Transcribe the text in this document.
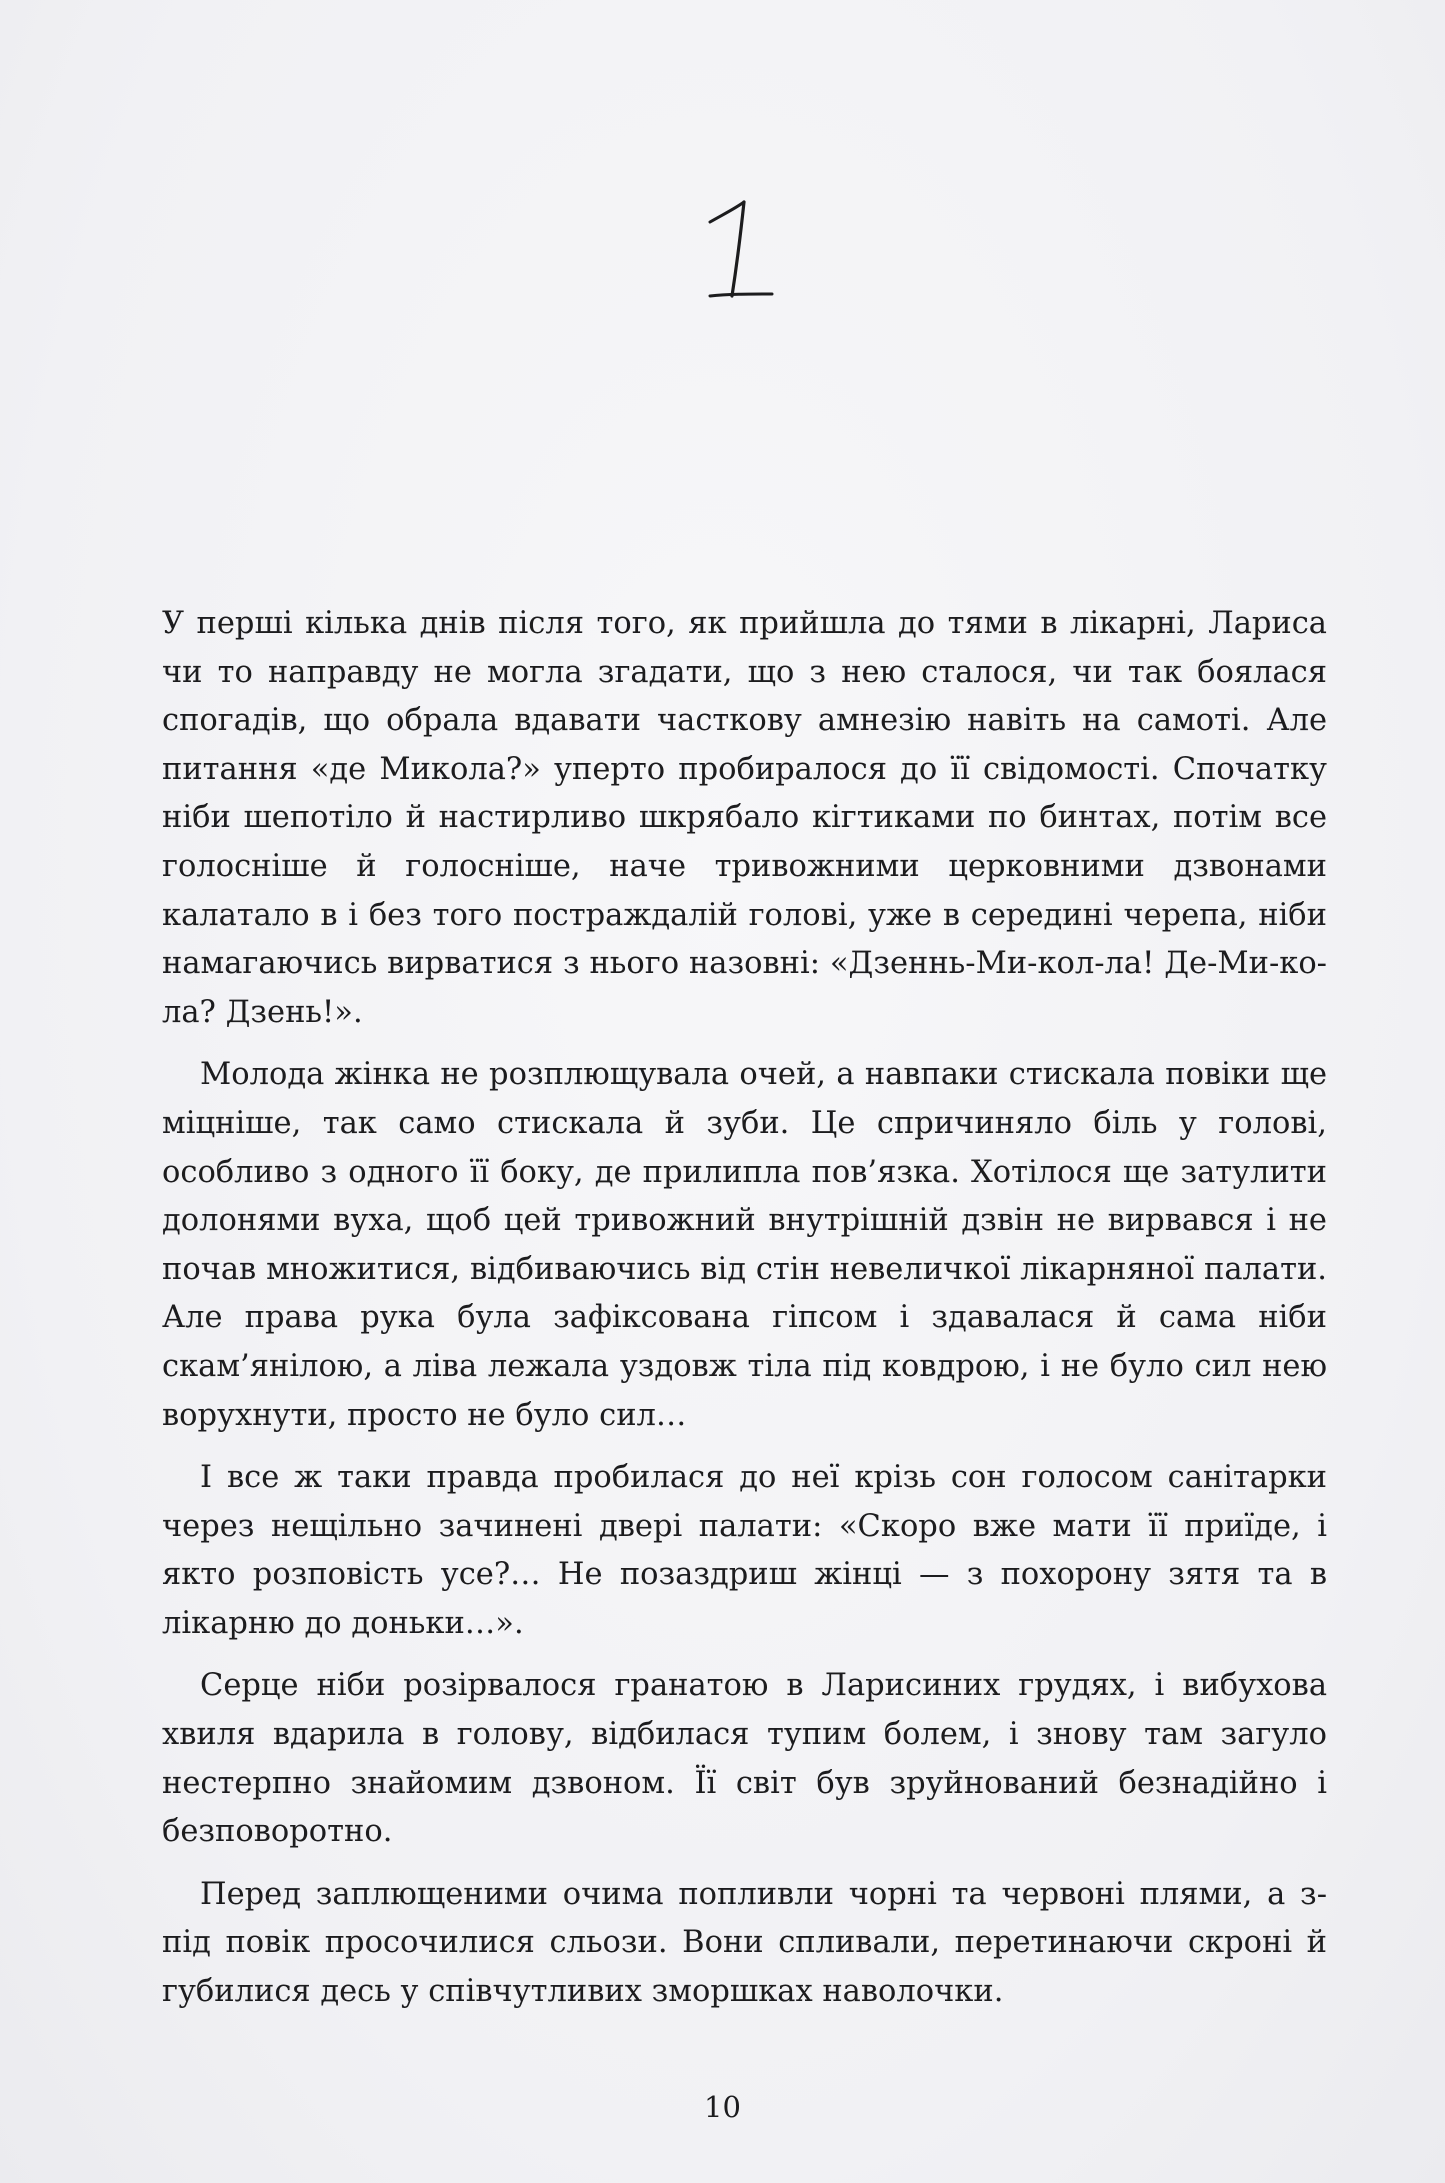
У перші кілька днів після того, як прийшла до тями в лікарні, Лариса чи то направду не могла згадати, що з нею сталося, чи так боялася спогадів, що обрала вдавати часткову амнезію навіть на самоті. Але питання «де Микола?» уперто пробиралося до її свідомості. Спочатку ніби шепотіло й настирливо шкрябало кігтиками по бинтах, потім все голосніше й голосніше, наче тривожними церковними дзвонами калатало в і без того постраждалій голові, уже в середині черепа, ніби намагаючись вирватися з нього назовні: «Дзеннь-Ми-кол-ла! Де-Ми-ко-ла? Дзень!».

Молода жінка не розплющувала очей, а навпаки стискала повіки ще міцніше, так само стискала й зуби. Це спричиняло біль у голові, особливо з одного її боку, де прилипла пов’язка. Хотілося ще затулити долонями вуха, щоб цей тривожний внутрішній дзвін не вирвався і не почав множитися, відбиваючись від стін невеличкої лікарняної палати. Але права рука була зафіксована гіпсом і здавалася й сама ніби скам’янілою, а ліва лежала уздовж тіла під ковдрою, і не було сил нею ворухнути, просто не було сил…

І все ж таки правда пробилася до неї крізь сон голосом санітарки через нещільно зачинені двері палати: «Скоро вже мати її приїде, і якто розповість усе?… Не позаздриш жінці — з похорону зятя та в лікарню до доньки…».

Серце ніби розірвалося гранатою в Ларисиних грудях, і вибухова хвиля вдарила в голову, відбилася тупим болем, і знову там загуло нестерпно знайомим дзвоном. Її світ був зруйнований безнадійно і безповоротно.

Перед заплющеними очима попливли чорні та червоні плями, а з-під повік просочилися сльози. Вони спливали, перетинаючи скроні й губилися десь у співчутливих зморшках наволочки.

10
